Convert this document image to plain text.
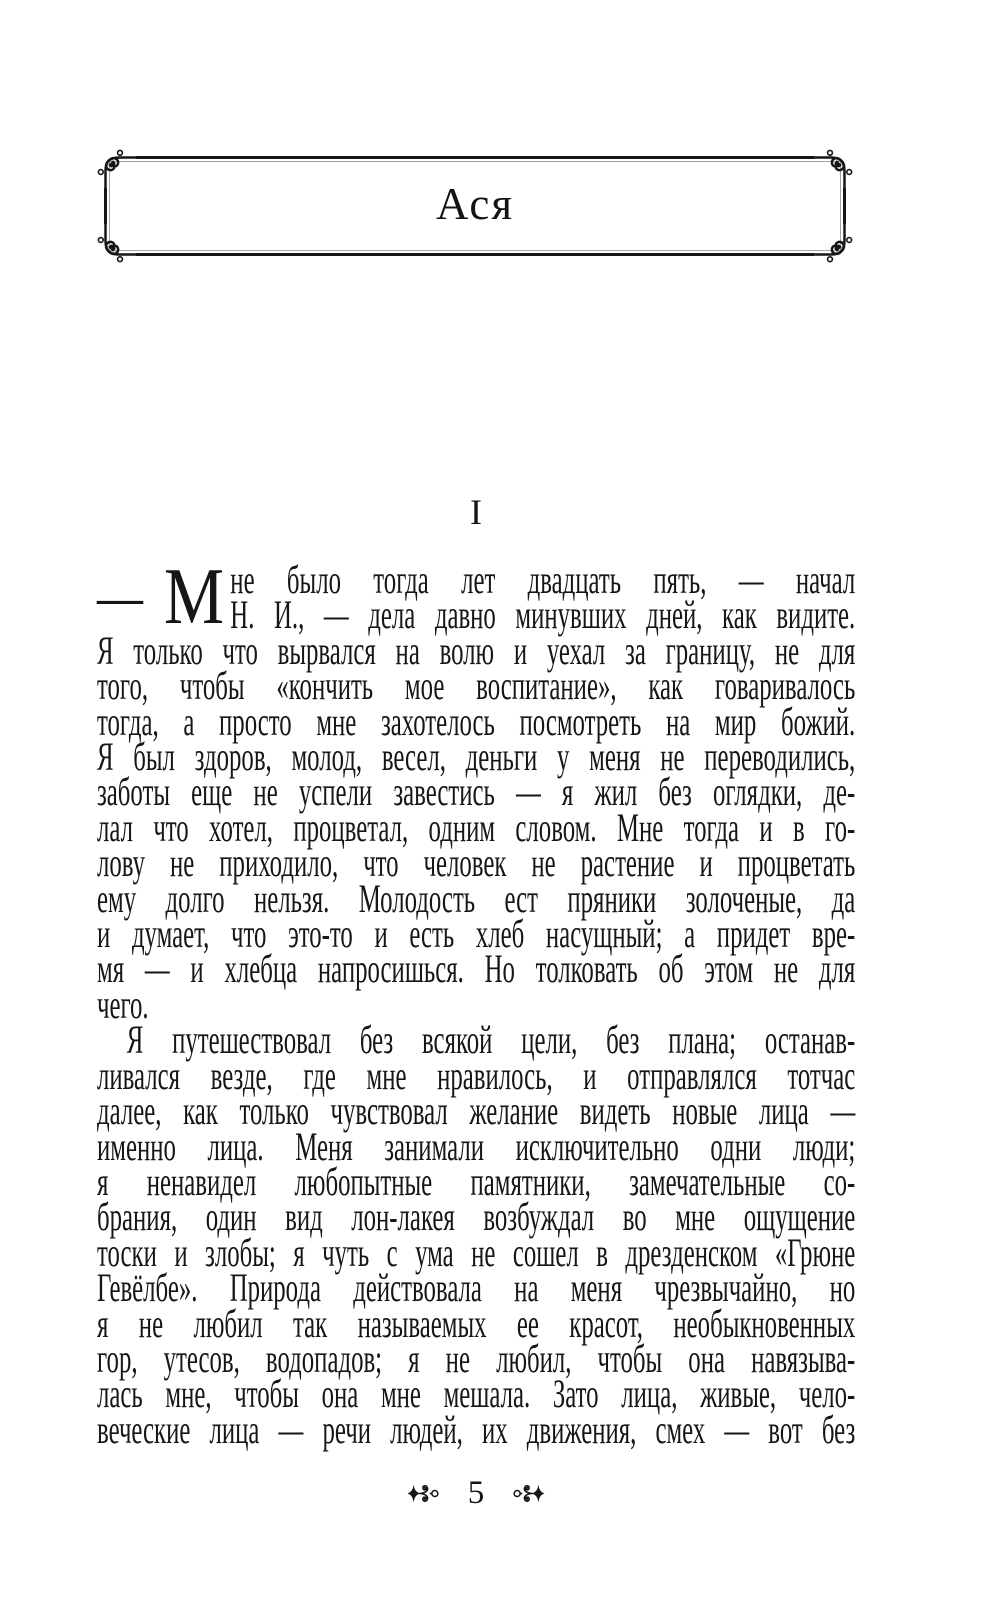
Ася
I
— М не было тогда лет двадцать пять, — начал
Н. И., — дела давно минувших дней, как видите.
Я только что вырвался на волю и уехал за границу, не для
того, чтобы «кончить мое воспитание», как говаривалось
тогда, а просто мне захотелось посмотреть на мир божий.
Я был здоров, молод, весел, деньги у меня не переводились,
заботы еще не успели завестись — я жил без оглядки, де-
лал что хотел, процветал, одним словом. Мне тогда и в го-
лову не приходило, что человек не растение и процветать
ему долго нельзя. Молодость ест пряники золоченые, да
и думает, что это-то и есть хлеб насущный; а придет вре-
мя — и хлебца напросишься. Но толковать об этом не для
чего.
Я путешествовал без всякой цели, без плана; останав-
ливался везде, где мне нравилось, и отправлялся тотчас
далее, как только чувствовал желание видеть новые лица —
именно лица. Меня занимали исключительно одни люди;
я ненавидел любопытные памятники, замечательные со-
брания, один вид лон-лакея возбуждал во мне ощущение
тоски и злобы; я чуть с ума не сошел в дрезденском «Грюне
Гевёлбе». Природа действовала на меня чрезвычайно, но
я не любил так называемых ее красот, необыкновенных
гор, утесов, водопадов; я не любил, чтобы она навязыва-
лась мне, чтобы она мне мешала. Зато лица, живые, чело-
веческие лица — речи людей, их движения, смех — вот без
5
